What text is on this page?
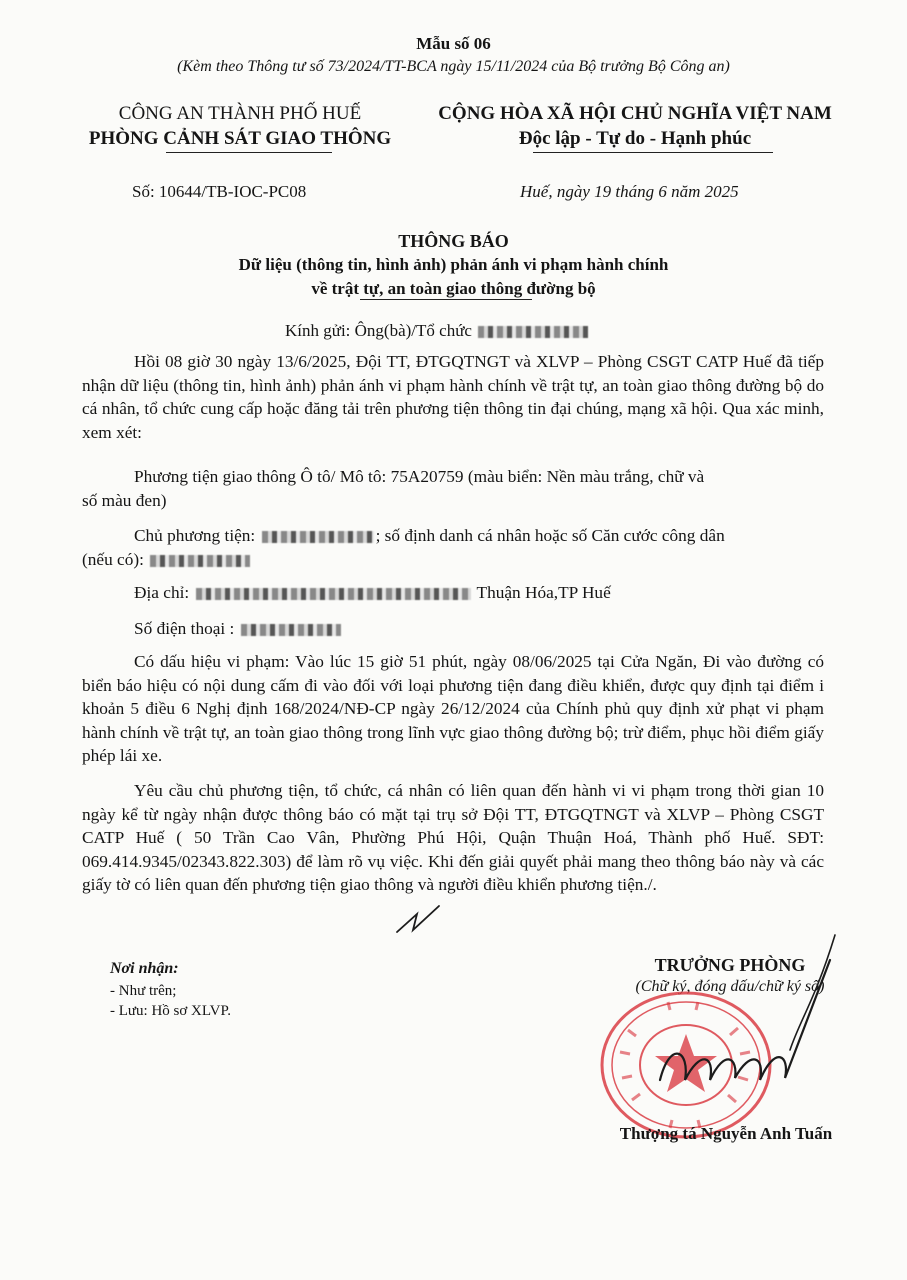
Mẫu số 06
(Kèm theo Thông tư số 73/2024/TT-BCA ngày 15/11/2024 của Bộ trưởng Bộ Công an)
CÔNG AN THÀNH PHỐ HUẾ
PHÒNG CẢNH SÁT GIAO THÔNG
CỘNG HÒA XÃ HỘI CHỦ NGHĨA VIỆT NAM
Độc lập - Tự do - Hạnh phúc
Số: 10644/TB-IOC-PC08	Huế, ngày 19 tháng 6 năm 2025
THÔNG BÁO
Dữ liệu (thông tin, hình ảnh) phản ánh vi phạm hành chính
về trật tự, an toàn giao thông đường bộ
Kính gửi: Ông(bà)/Tổ chức
Hồi 08 giờ 30 ngày 13/6/2025, Đội TT, ĐTGQTNGT và XLVP – Phòng CSGT CATP Huế đã tiếp nhận dữ liệu (thông tin, hình ảnh) phản ánh vi phạm hành chính về trật tự, an toàn giao thông đường bộ do cá nhân, tổ chức cung cấp hoặc đăng tải trên phương tiện thông tin đại chúng, mạng xã hội. Qua xác minh, xem xét:
Phương tiện giao thông Ô tô/ Mô tô: 75A20759 (màu biển: Nền màu trắng, chữ và
số màu đen)
Chủ phương tiện:	; số định danh cá nhân hoặc số Căn cước công dân
(nếu có):
Địa chỉ:	Thuận Hóa,TP Huế
Số điện thoại :
Có dấu hiệu vi phạm: Vào lúc 15 giờ 51 phút, ngày 08/06/2025 tại Cửa Ngăn, Đi vào đường có biển báo hiệu có nội dung cấm đi vào đối với loại phương tiện đang điều khiển, được quy định tại điểm i khoản 5 điều 6 Nghị định 168/2024/NĐ-CP ngày 26/12/2024 của Chính phủ quy định xử phạt vi phạm hành chính về trật tự, an toàn giao thông trong lĩnh vực giao thông đường bộ; trừ điểm, phục hồi điểm giấy phép lái xe.
Yêu cầu chủ phương tiện, tổ chức, cá nhân có liên quan đến hành vi vi phạm trong thời gian 10 ngày kể từ ngày nhận được thông báo có mặt tại trụ sở Đội TT, ĐTGQTNGT và XLVP – Phòng CSGT CATP Huế ( 50 Trần Cao Vân, Phường Phú Hội, Quận Thuận Hoá, Thành phố Huế. SĐT: 069.414.9345/02343.822.303) để làm rõ vụ việc. Khi đến giải quyết phải mang theo thông báo này và các giấy tờ có liên quan đến phương tiện giao thông và người điều khiển phương tiện./.
Nơi nhận:
- Như trên;
- Lưu: Hồ sơ XLVP.
TRƯỞNG PHÒNG
(Chữ ký, đóng dấu/chữ ký số)
Thượng tá Nguyễn Anh Tuấn
